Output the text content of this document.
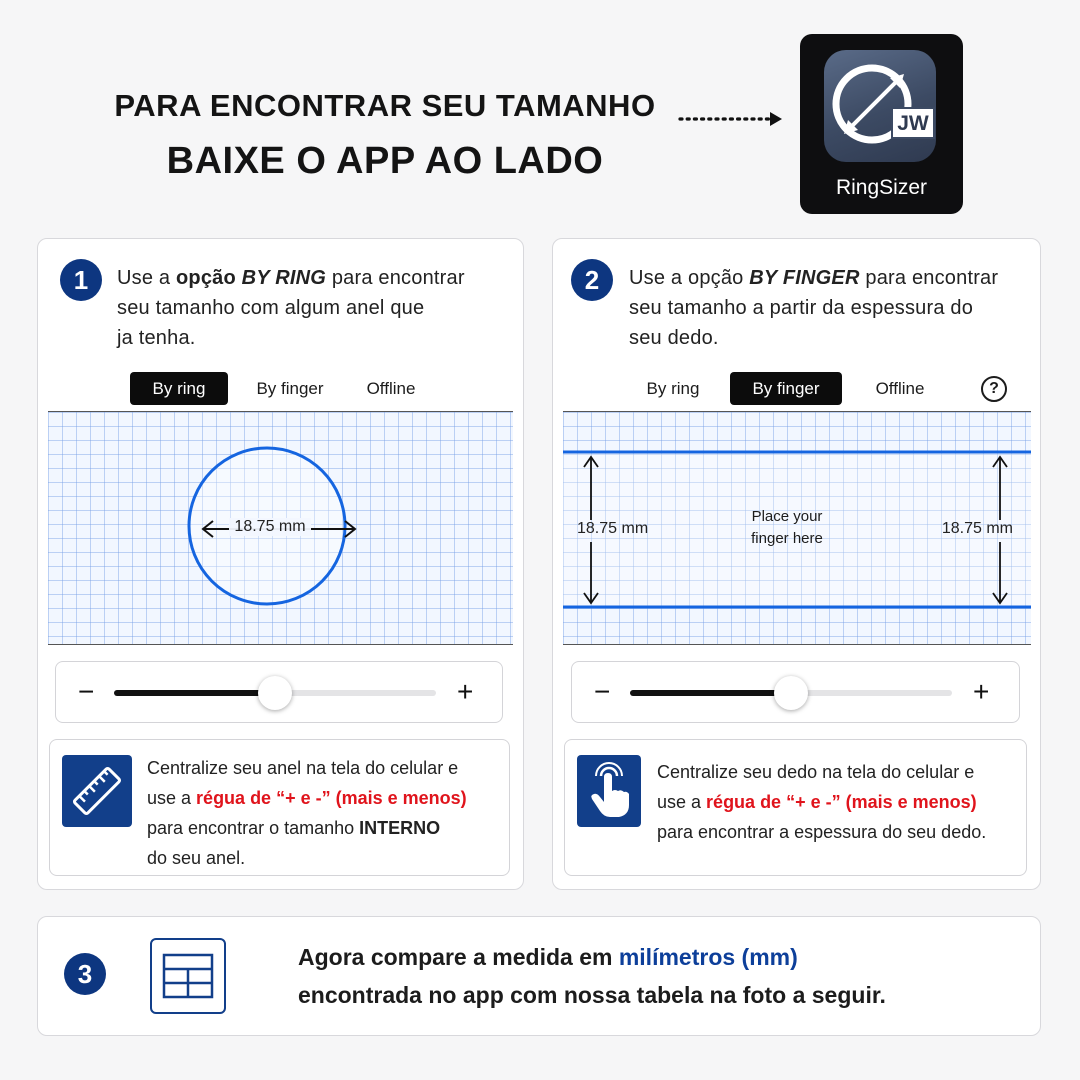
PARA ENCONTRAR SEU TAMANHO
BAIXE O APP AO LADO
JW
RingSizer
1	Use a opção BY RING para encontrar
seu tamanho com algum anel que
ja tenha.
By ring	By finger	Offline
18.75 mm
−	+
Centralize seu anel na tela do celular e
use a régua de “+ e -” (mais e menos)
para encontrar o tamanho INTERNO
do seu anel.
2	Use a opção BY FINGER para encontrar
seu tamanho a partir da espessura do
seu dedo.
By ring	By finger	Offline	?
18.75 mm	18.75 mm
Place your
finger here
−	+
Centralize seu dedo na tela do celular e
use a régua de “+ e -” (mais e menos)
para encontrar a espessura do seu dedo.
3
Agora compare a medida em milímetros (mm)
encontrada no app com nossa tabela na foto a seguir.
